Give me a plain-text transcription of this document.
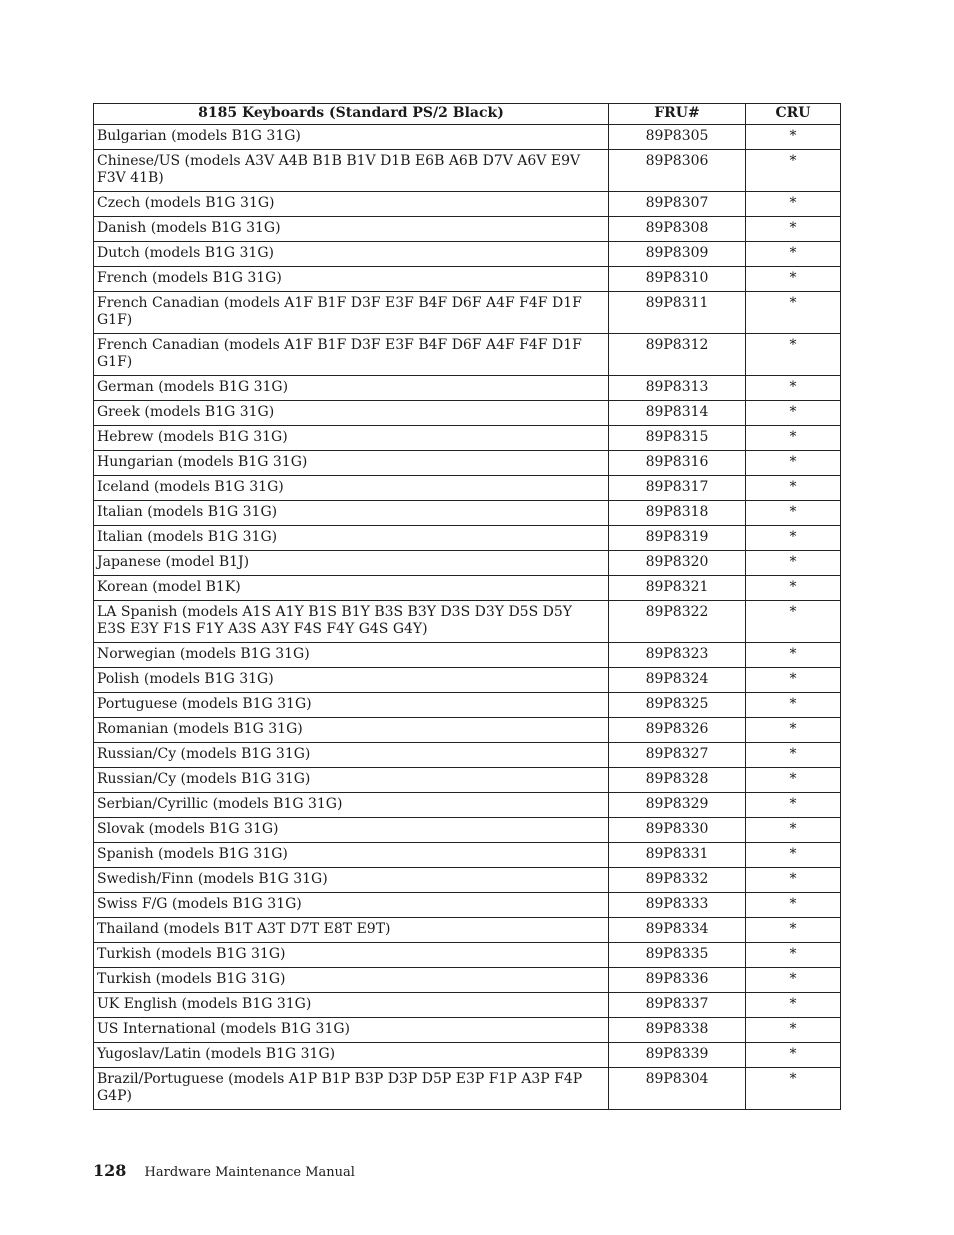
8185 Keyboards (Standard PS/2 Black)	FRU#	CRU
Bulgarian (models B1G 31G)	89P8305	*
Chinese/US (models A3V A4B B1B B1V D1B E6B A6B D7V A6V E9V F3V 41B)	89P8306	*
Czech (models B1G 31G)	89P8307	*
Danish (models B1G 31G)	89P8308	*
Dutch (models B1G 31G)	89P8309	*
French (models B1G 31G)	89P8310	*
French Canadian (models A1F B1F D3F E3F B4F D6F A4F F4F D1F G1F)	89P8311	*
French Canadian (models A1F B1F D3F E3F B4F D6F A4F F4F D1F G1F)	89P8312	*
German (models B1G 31G)	89P8313	*
Greek (models B1G 31G)	89P8314	*
Hebrew (models B1G 31G)	89P8315	*
Hungarian (models B1G 31G)	89P8316	*
Iceland (models B1G 31G)	89P8317	*
Italian (models B1G 31G)	89P8318	*
Italian (models B1G 31G)	89P8319	*
Japanese (model B1J)	89P8320	*
Korean (model B1K)	89P8321	*
LA Spanish (models A1S A1Y B1S B1Y B3S B3Y D3S D3Y D5S D5Y E3S E3Y F1S F1Y A3S A3Y F4S F4Y G4S G4Y)	89P8322	*
Norwegian (models B1G 31G)	89P8323	*
Polish (models B1G 31G)	89P8324	*
Portuguese (models B1G 31G)	89P8325	*
Romanian (models B1G 31G)	89P8326	*
Russian/Cy (models B1G 31G)	89P8327	*
Russian/Cy (models B1G 31G)	89P8328	*
Serbian/Cyrillic (models B1G 31G)	89P8329	*
Slovak (models B1G 31G)	89P8330	*
Spanish (models B1G 31G)	89P8331	*
Swedish/Finn (models B1G 31G)	89P8332	*
Swiss F/G (models B1G 31G)	89P8333	*
Thailand (models B1T A3T D7T E8T E9T)	89P8334	*
Turkish (models B1G 31G)	89P8335	*
Turkish (models B1G 31G)	89P8336	*
UK English (models B1G 31G)	89P8337	*
US International (models B1G 31G)	89P8338	*
Yugoslav/Latin (models B1G 31G)	89P8339	*
Brazil/Portuguese (models A1P B1P B3P D3P D5P E3P F1P A3P F4P G4P)	89P8304	*
128 Hardware Maintenance Manual
